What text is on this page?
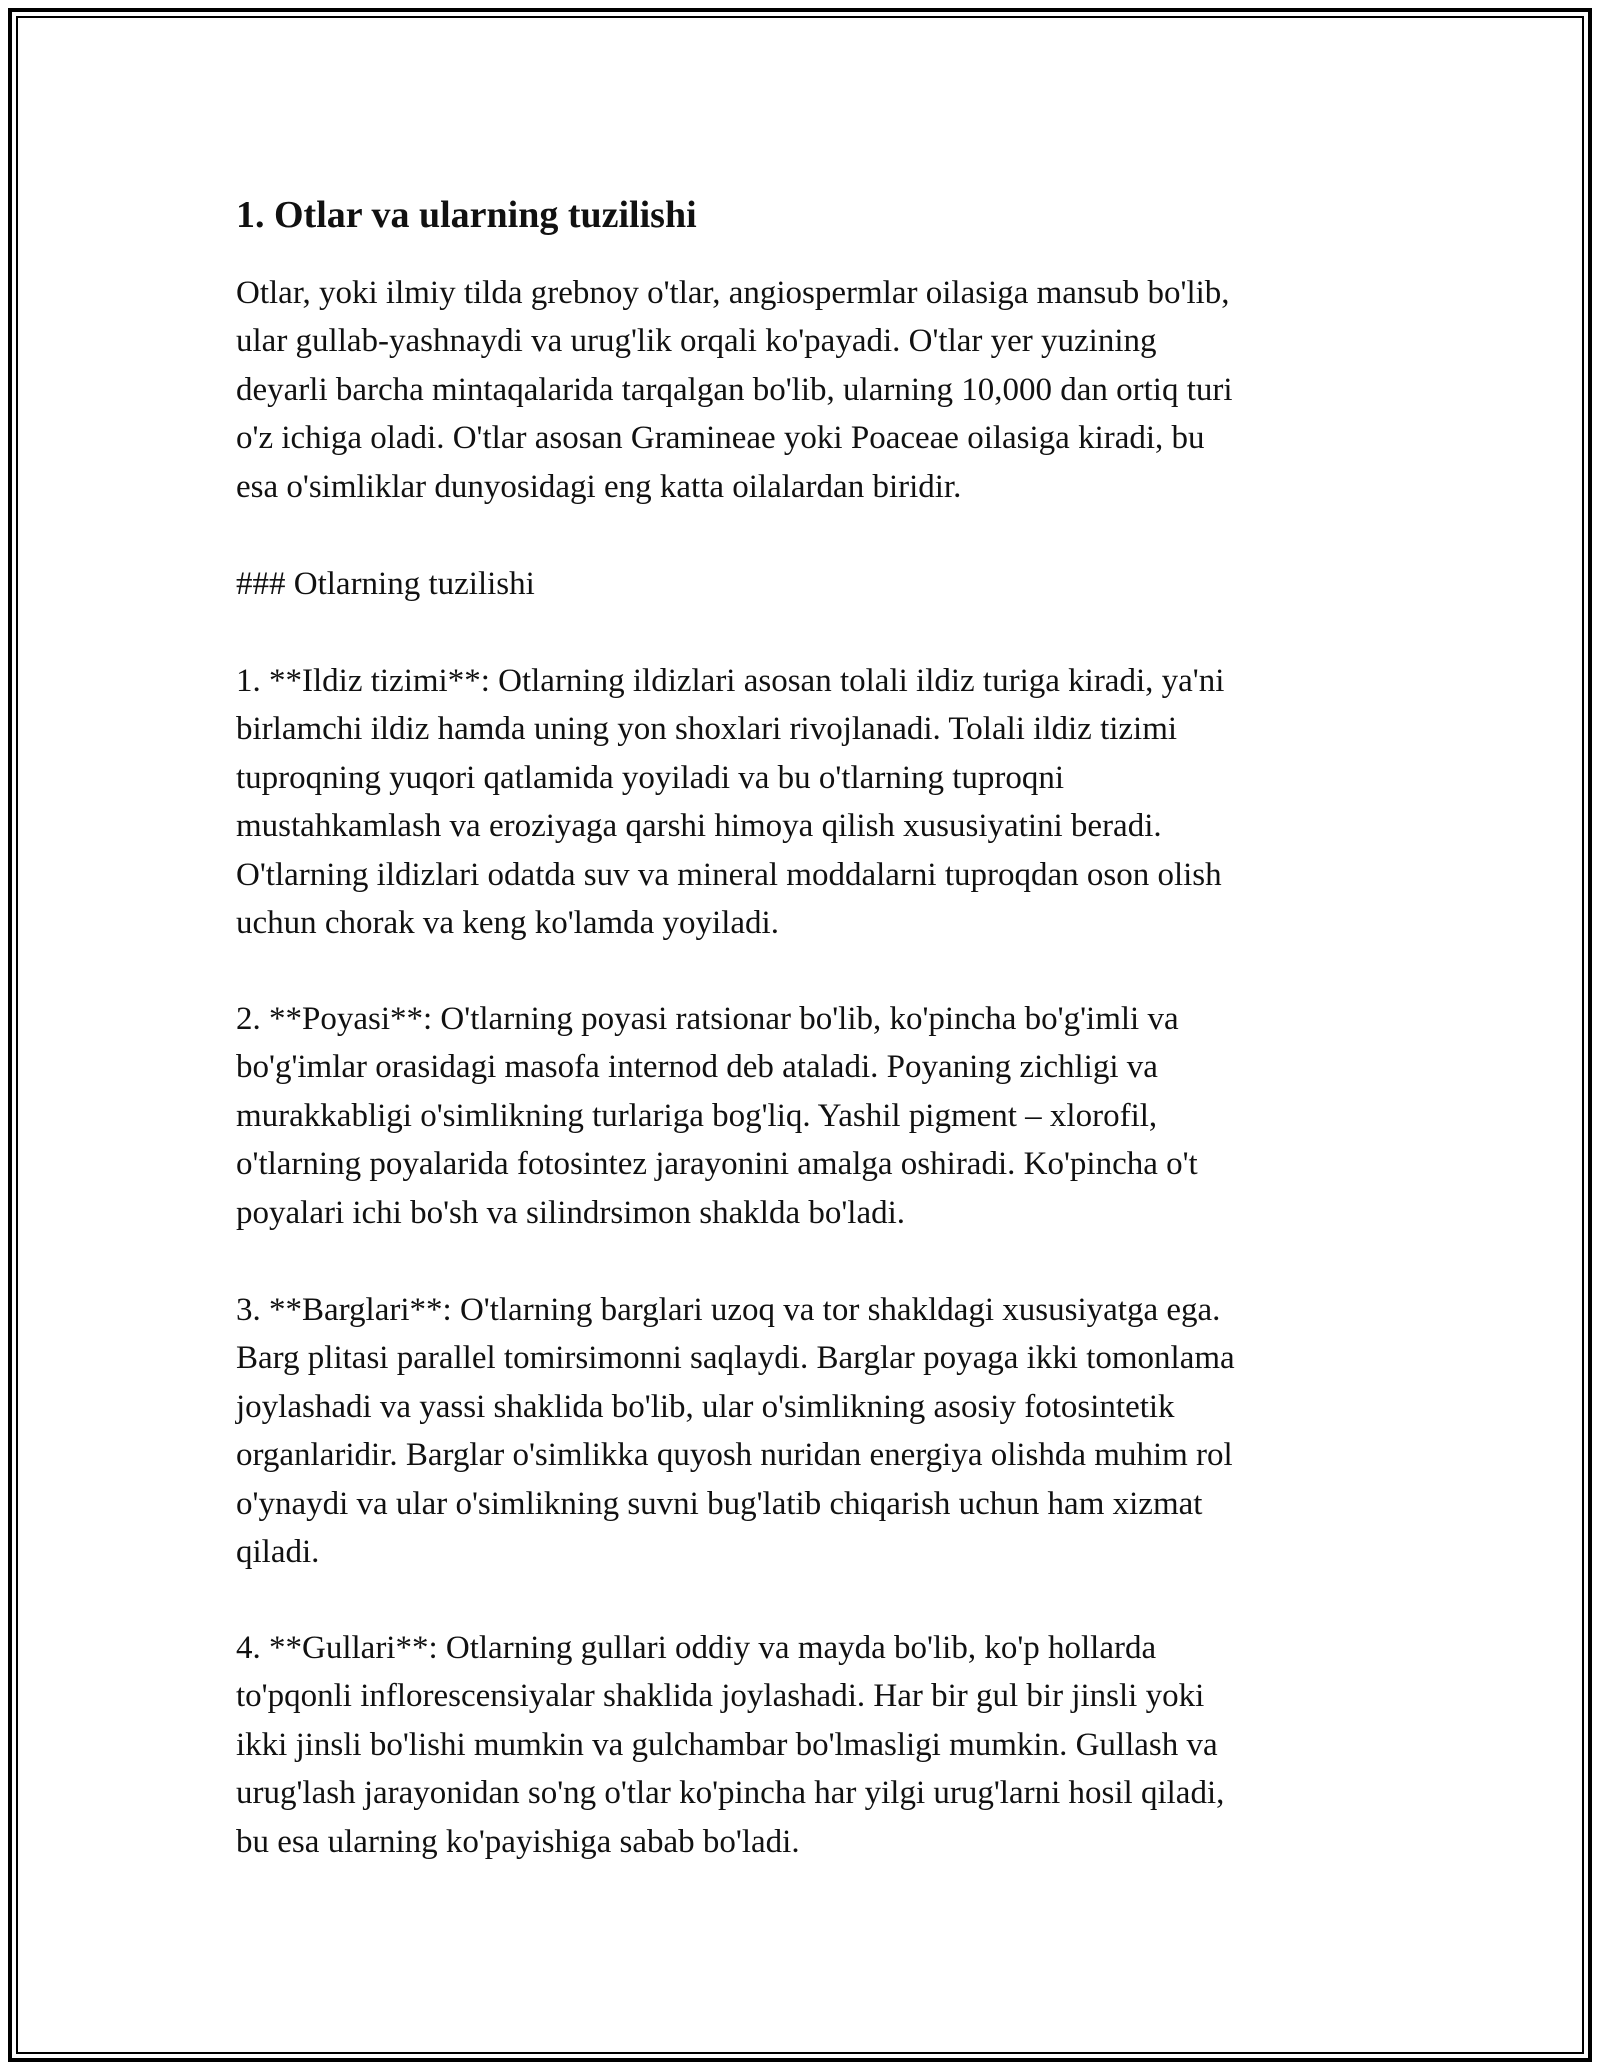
1. Otlar va ularning tuzilishi

Otlar, yoki ilmiy tilda grebnoy o'tlar, angiospermlar oilasiga mansub bo'lib,
ular gullab-yashnaydi va urug'lik orqali ko'payadi. O'tlar yer yuzining
deyarli barcha mintaqalarida tarqalgan bo'lib, ularning 10,000 dan ortiq turi
o'z ichiga oladi. O'tlar asosan Gramineae yoki Poaceae oilasiga kiradi, bu
esa o'simliklar dunyosidagi eng katta oilalardan biridir.

### Otlarning tuzilishi

1. **Ildiz tizimi**: Otlarning ildizlari asosan tolali ildiz turiga kiradi, ya'ni
birlamchi ildiz hamda uning yon shoxlari rivojlanadi. Tolali ildiz tizimi
tuproqning yuqori qatlamida yoyiladi va bu o'tlarning tuproqni
mustahkamlash va eroziyaga qarshi himoya qilish xususiyatini beradi.
O'tlarning ildizlari odatda suv va mineral moddalarni tuproqdan oson olish
uchun chorak va keng ko'lamda yoyiladi.

2. **Poyasi**: O'tlarning poyasi ratsionar bo'lib, ko'pincha bo'g'imli va
bo'g'imlar orasidagi masofa internod deb ataladi. Poyaning zichligi va
murakkabligi o'simlikning turlariga bog'liq. Yashil pigment – xlorofil,
o'tlarning poyalarida fotosintez jarayonini amalga oshiradi. Ko'pincha o't
poyalari ichi bo'sh va silindrsimon shaklda bo'ladi.

3. **Barglari**: O'tlarning barglari uzoq va tor shakldagi xususiyatga ega.
Barg plitasi parallel tomirsimonni saqlaydi. Barglar poyaga ikki tomonlama
joylashadi va yassi shaklida bo'lib, ular o'simlikning asosiy fotosintetik
organlaridir. Barglar o'simlikka quyosh nuridan energiya olishda muhim rol
o'ynaydi va ular o'simlikning suvni bug'latib chiqarish uchun ham xizmat
qiladi.

4. **Gullari**: Otlarning gullari oddiy va mayda bo'lib, ko'p hollarda
to'pqonli inflorescensiyalar shaklida joylashadi. Har bir gul bir jinsli yoki
ikki jinsli bo'lishi mumkin va gulchambar bo'lmasligi mumkin. Gullash va
urug'lash jarayonidan so'ng o'tlar ko'pincha har yilgi urug'larni hosil qiladi,
bu esa ularning ko'payishiga sabab bo'ladi.
